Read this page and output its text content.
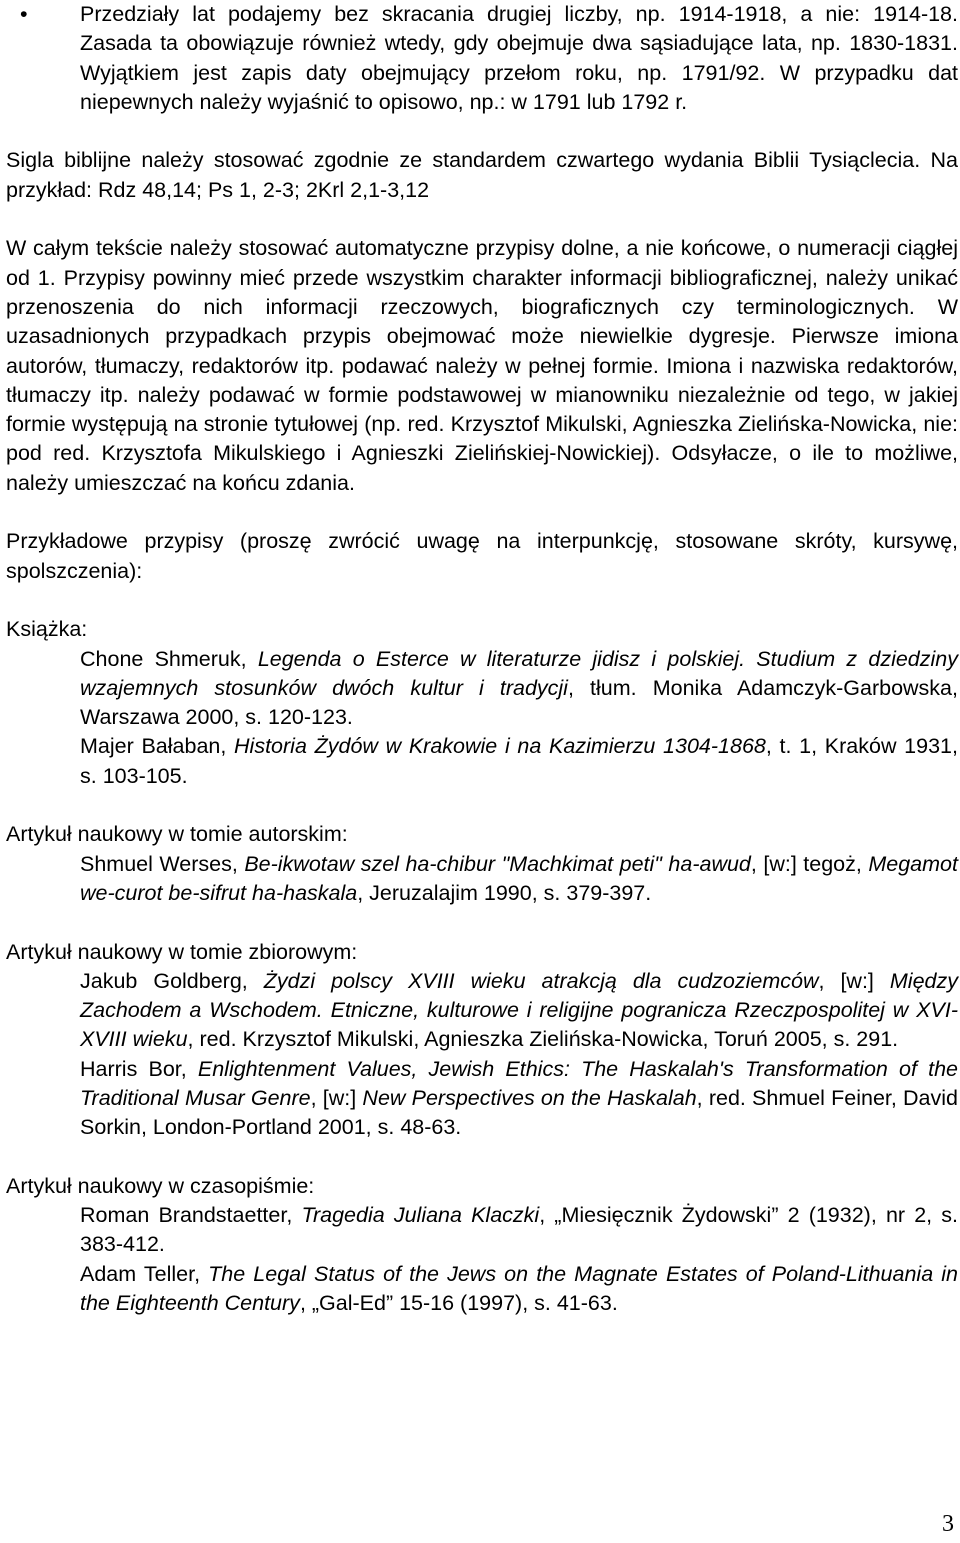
• Przedziały lat podajemy bez skracania drugiej liczby, np. 1914-1918, a nie: 1914-18. Zasada ta obowiązuje również wtedy, gdy obejmuje dwa sąsiadujące lata, np. 1830-1831. Wyjątkiem jest zapis daty obejmujący przełom roku, np. 1791/92. W przypadku dat niepewnych należy wyjaśnić to opisowo, np.: w 1791 lub 1792 r.

Sigla biblijne należy stosować zgodnie ze standardem czwartego wydania Biblii Tysiąclecia. Na przykład: Rdz 48,14; Ps 1, 2-3; 2Krl 2,1-3,12

W całym tekście należy stosować automatyczne przypisy dolne, a nie końcowe, o numeracji ciągłej od 1. Przypisy powinny mieć przede wszystkim charakter informacji bibliograficznej, należy unikać przenoszenia do nich informacji rzeczowych, biograficznych czy terminologicznych. W uzasadnionych przypadkach przypis obejmować może niewielkie dygresje. Pierwsze imiona autorów, tłumaczy, redaktorów itp. podawać należy w pełnej formie. Imiona i nazwiska redaktorów, tłumaczy itp. należy podawać w formie podstawowej w mianowniku niezależnie od tego, w jakiej formie występują na stronie tytułowej (np. red. Krzysztof Mikulski, Agnieszka Zielińska-Nowicka, nie: pod red. Krzysztofa Mikulskiego i Agnieszki Zielińskiej-Nowickiej). Odsyłacze, o ile to możliwe, należy umieszczać na końcu zdania.

Przykładowe przypisy (proszę zwrócić uwagę na interpunkcję, stosowane skróty, kursywę, spolszczenia):

Książka:

Chone Shmeruk, Legenda o Esterce w literaturze jidisz i polskiej. Studium z dziedziny wzajemnych stosunków dwóch kultur i tradycji, tłum. Monika Adamczyk-Garbowska, Warszawa 2000, s. 120-123.

Majer Bałaban, Historia Żydów w Krakowie i na Kazimierzu 1304-1868, t. 1, Kraków 1931, s. 103-105.

Artykuł naukowy w tomie autorskim:

Shmuel Werses, Be-ikwotaw szel ha-chibur "Machkimat peti" ha-awud, [w:] tegoż, Megamot we-curot be-sifrut ha-haskala, Jeruzalajim 1990, s. 379-397.

Artykuł naukowy w tomie zbiorowym:

Jakub Goldberg, Żydzi polscy XVIII wieku atrakcją dla cudzoziemców, [w:] Między Zachodem a Wschodem. Etniczne, kulturowe i religijne pogranicza Rzeczpospolitej w XVI-XVIII wieku, red. Krzysztof Mikulski, Agnieszka Zielińska-Nowicka, Toruń 2005, s. 291.

Harris Bor, Enlightenment Values, Jewish Ethics: The Haskalah's Transformation of the Traditional Musar Genre, [w:] New Perspectives on the Haskalah, red. Shmuel Feiner, David Sorkin, London-Portland 2001, s. 48-63.

Artykuł naukowy w czasopiśmie:

Roman Brandstaetter, Tragedia Juliana Klaczki, „Miesięcznik Żydowski” 2 (1932), nr 2, s. 383-412.

Adam Teller, The Legal Status of the Jews on the Magnate Estates of Poland-Lithuania in the Eighteenth Century, „Gal-Ed” 15-16 (1997), s. 41-63.

3
